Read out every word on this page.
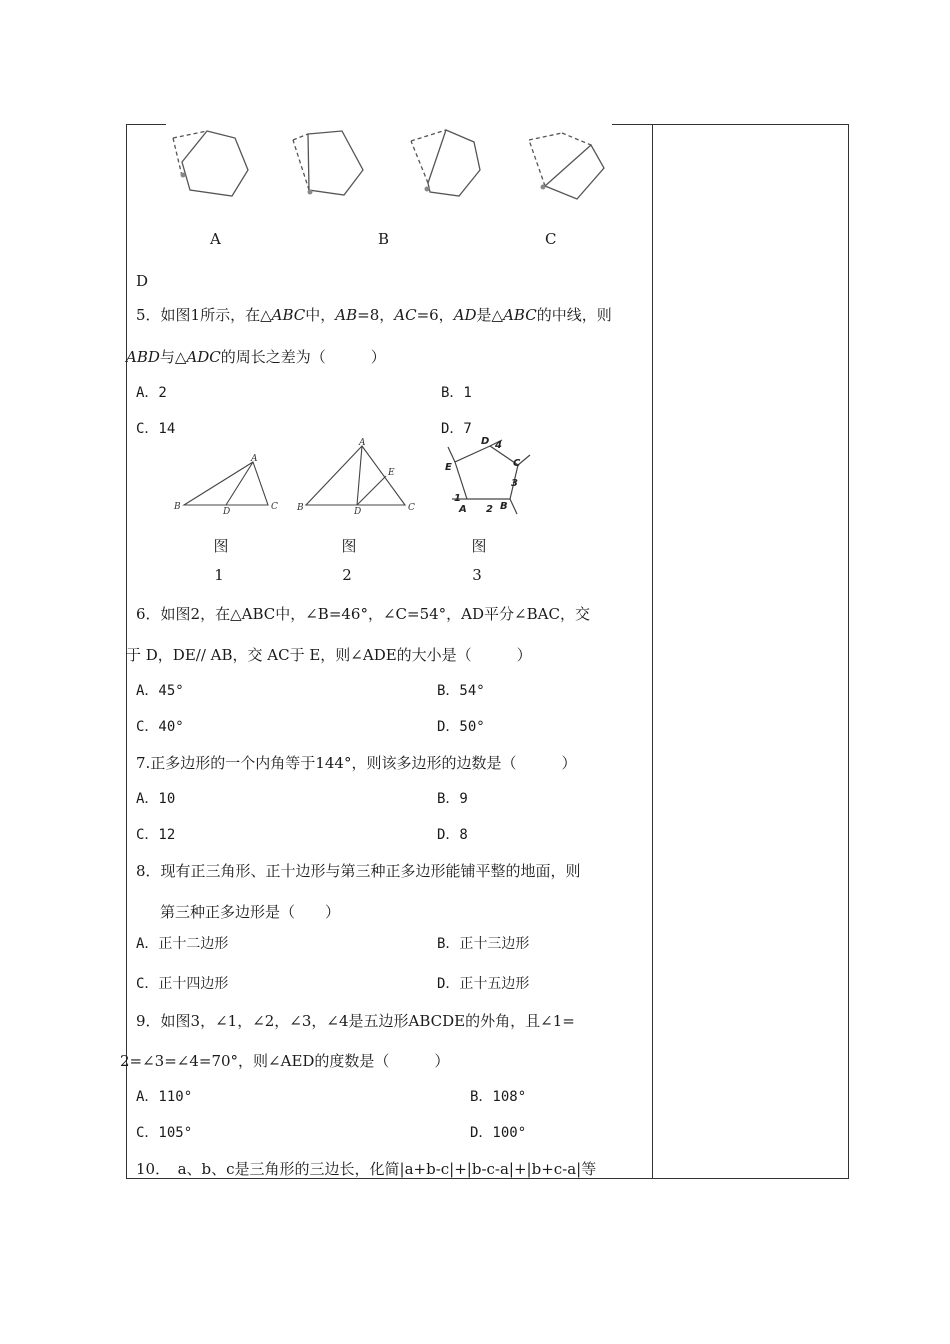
A	B	C
D
5．如图1所示，在△ABC中，AB=8，AC=6，AD是△ABC的中线，则
ABD与△ADC的周长之差为（　　　）
A．2	B．1
C．14	D．7
A
B	D	C
A
E
B	D	C
D 4
C
3
E
1
A 2 B
图	图	图
1	2	3
6．如图2，在△ABC中，∠B=46°，∠C=54°，AD平分∠BAC，交
于 D，DE// AB，交 AC于 E，则∠ADE的大小是（　　　）
A．45°	B．54°
C．40°	D．50°
7.正多边形的一个内角等于144°，则该多边形的边数是（　　　）
A．10	B．9
C．12	D．8
8．现有正三角形、正十边形与第三种正多边形能铺平整的地面，则
第三种正多边形是（　　）
A．正十二边形	B．正十三边形
C．正十四边形	D．正十五边形
9．如图3，∠1，∠2，∠3，∠4是五边形ABCDE的外角，且∠1=
2=∠3=∠4=70°，则∠AED的度数是（　　　）
A．110°	B．108°
C．105°	D．100°
10．　a、b、c是三角形的三边长，化简|a+b-c|+|b-c-a|+|b+c-a|等
